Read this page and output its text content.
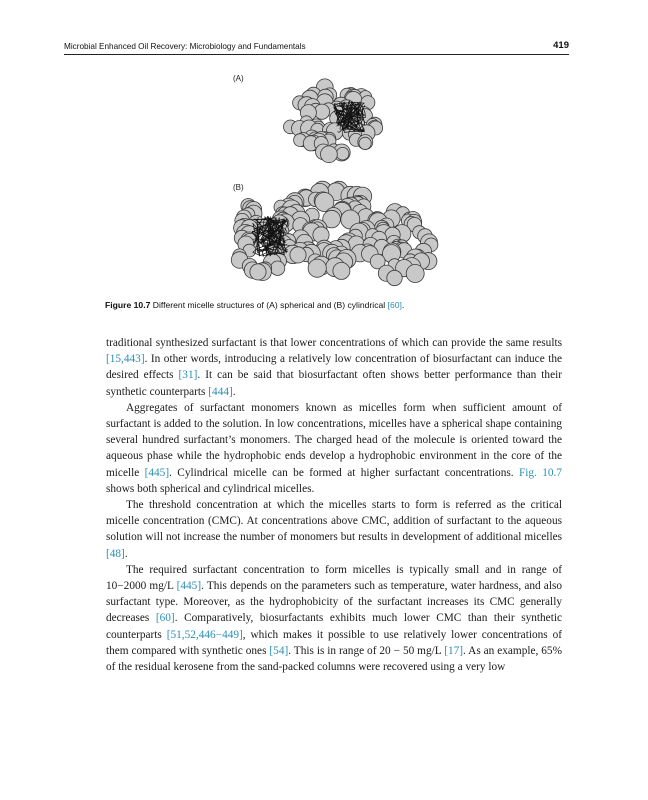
Microbial Enhanced Oil Recovery: Microbiology and Fundamentals	419
(A)
(B)
Figure 10.7 Different micelle structures of (A) spherical and (B) cylindrical [60].

traditional synthesized surfactant is that lower concentrations of which can provide the same results [15,443]. In other words, introducing a relatively low concentration of biosurfactant can induce the desired effects [31]. It can be said that biosurfactant often shows better performance than their synthetic counterparts [444].

Aggregates of surfactant monomers known as micelles form when sufficient amount of surfactant is added to the solution. In low concentrations, micelles have a spherical shape containing several hundred surfactant’s monomers. The charged head of the molecule is oriented toward the aqueous phase while the hydrophobic ends develop a hydrophobic environment in the core of the micelle [445]. Cylindrical micelle can be formed at higher surfactant concentrations. Fig. 10.7 shows both spherical and cylindrical micelles.

The threshold concentration at which the micelles starts to form is referred as the critical micelle concentration (CMC). At concentrations above CMC, addition of surfactant to the aqueous solution will not increase the number of monomers but results in development of additional micelles [48].

The required surfactant concentration to form micelles is typically small and in range of 10−2000 mg/L [445]. This depends on the parameters such as temperature, water hardness, and also surfactant type. Moreover, as the hydrophobicity of the surfactant increases its CMC generally decreases [60]. Comparatively, biosurfactants exhibits much lower CMC than their synthetic counterparts [51,52,446−449], which makes it possible to use relatively lower concentrations of them compared with synthetic ones [54]. This is in range of 20 − 50 mg/L [17]. As an example, 65% of the residual kerosene from the sand-packed columns were recovered using a very low
